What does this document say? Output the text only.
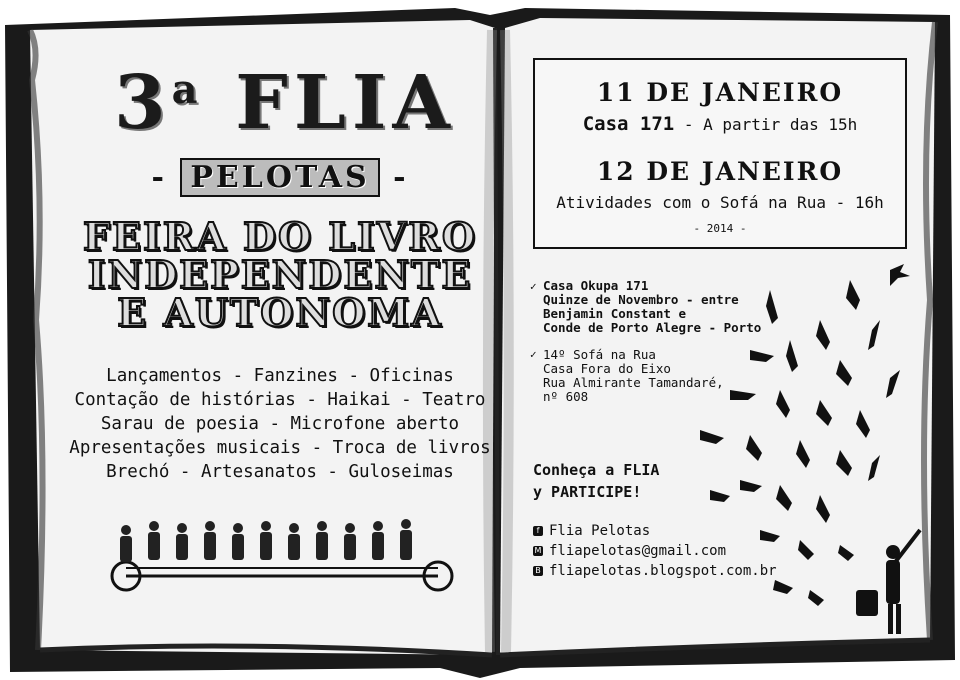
3$^a$ FLIA
- PELOTAS -
FEIRA DO LIVRO
INDEPENDENTE
E AUTONOMA
Lançamentos - Fanzines - Oficinas
Contação de histórias - Haikai - Teatro
Sarau de poesia - Microfone aberto
Apresentações musicais - Troca de livros
Brechó - Artesanatos - Guloseimas
11 DE JANEIRO
Casa 171 - A partir das 15h
12 DE JANEIRO
Atividades com o Sofá na Rua - 16h
- 2014 -
✓ Casa Okupa 171
Quinze de Novembro - entre
Benjamin Constant e
Conde de Porto Alegre - Porto
✓ 14º Sofá na Rua
Casa Fora do Eixo
Rua Almirante Tamandaré,
nº 608
Conheça a FLIA
y PARTICIPE!
f Flia Pelotas
M fliapelotas@gmail.com
B fliapelotas.blogspot.com.br
